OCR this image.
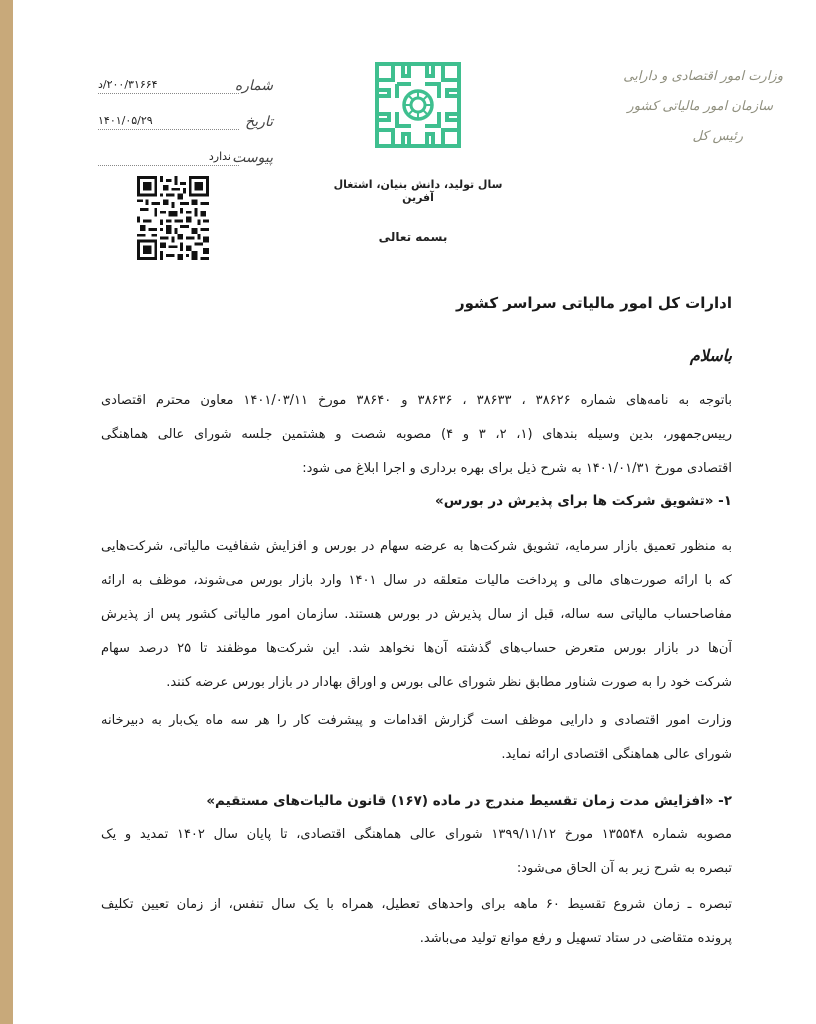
شماره
۲۰۰/۳۱۶۶۴/د
تاریخ
۱۴۰۱/۰۵/۲۹
پیوست
ندارد
سال تولید، دانش بنیان، اشتغال آفرین
بسمه تعالی
وزارت امور اقتصادی و دارایی
سازمان امور مالیاتی کشور
رئیس کل
ادارات کل امور مالیاتی سراسر کشور
باسلام
باتوجه به نامه‌های شماره ۳۸۶۲۶ ، ۳۸۶۳۳ ، ۳۸۶۳۶ و ۳۸۶۴۰ مورخ ۱۴۰۱/۰۳/۱۱ معاون محترم اقتصادی
رییس‌جمهور، بدین وسیله بندهای (۱، ۲، ۳ و ۴) مصوبه شصت و هشتمین جلسه شورای عالی هماهنگی
اقتصادی مورخ ۱۴۰۱/۰۱/۳۱ به شرح ذیل برای بهره برداری و اجرا ابلاغ می شود:
۱- «تشویق شرکت ها برای پذیرش در بورس»
به منظور تعمیق بازار سرمایه، تشویق شرکت‌ها به عرضه سهام در بورس و افزایش شفافیت مالیاتی، شرکت‌هایی
که با ارائه صورت‌های مالی و پرداخت مالیات متعلقه در سال ۱۴۰۱ وارد بازار بورس می‌شوند، موظف به ارائه
مفاصاحساب مالیاتی سه ساله، قبل از سال پذیرش در بورس هستند. سازمان امور مالیاتی کشور پس از پذیرش
آن‌ها در بازار بورس متعرض حساب‌های گذشته آن‌ها نخواهد شد. این شرکت‌ها موظفند تا ۲۵ درصد سهام
شرکت خود را به صورت شناور مطابق نظر شورای عالی بورس و اوراق بهادار در بازار بورس عرضه کنند.
وزارت امور اقتصادی و دارایی موظف است گزارش اقدامات و پیشرفت کار را هر سه ماه یک‌بار به دبیرخانه
شورای عالی هماهنگی اقتصادی ارائه نماید.
۲- «افزایش مدت زمان تقسیط مندرج در ماده (۱۶۷) قانون مالیات‌های مستقیم»
مصوبه شماره ۱۳۵۵۴۸ مورخ ۱۳۹۹/۱۱/۱۲ شورای عالی هماهنگی اقتصادی، تا پایان سال ۱۴۰۲ تمدید و یک
تبصره به شرح زیر به آن الحاق می‌شود:
تبصره ـ زمان شروع تقسیط ۶۰ ماهه برای واحدهای تعطیل، همراه با یک سال تنفس، از زمان تعیین تکلیف
پرونده متقاضی در ستاد تسهیل و رفع موانع تولید می‌باشد.
